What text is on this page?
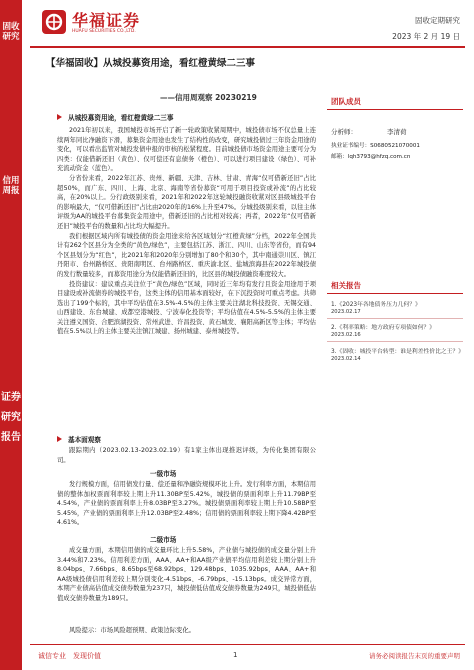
固收研究
信用周报
证券研究报告
华福证券
HUAFU SECURITIES CO.,LTD.
固收定期研究
2023 年 2 月 19 日
【华福固收】从城投募资用途，看红橙黄绿二三事
——信用周观察 20230219
从城投募资用途，看红橙黄绿二三事

2021年初以来，我国城投市场开启了新一轮政策收紧周期中，城投债市场不仅总量上连续两年同比净融资下滑，募集资金用途也发生了结构性的改变，研究城投债过三年资金用途的变化，可以看出监管对城投发债申报的审核的松紧程度。目前城投债市场资金用途主要可分为四类：仅能借新还旧（黄色）、仅可偿还有息债务（橙色）、可以进行项目建设（绿色）、可补充流动资金（蓝色）。

分省份来看，2022年江苏、贵州、新疆、天津、吉林、甘肃、青海“仅可借新还旧”占比超50%，而广东、四川、上海、北京、海南等省份募资“可用于项目投资或补流”的占比较高，在20%以上。分行政级别来看，2021年和2022年这轮城投融资收紧对区县级城投平台的影响最大，“仅可借新还旧”占比由2020年的16%上升至47%。分城投级别来看，以往主体评级为AA的城投平台募集资金用途中，借新还旧的占比相对较高；再者，2022年“仅可借新还旧”城投平台的数量和占比均大幅提升。

我们根据区域内所有城投债的资金用途来给各区域划分“红橙黄绿”分档，2022年全国共计有262个区县分为全类的“黄色/绿色”，主要包括江苏、浙江、四川、山东等省份，而有94个区县划分为“红色”，比2021年和2020年分别增加了80个和30个，其中南通崇川区、镇江丹阳市、台州路桥区、贵阳南明区、台州路桥区、重庆渝北区、盐城滨海县在2022年城投债的发行数量较多，而募资用途分为仅能借新还旧的，比区县的城投债融资难度较大。

投资建议：建议重点关注位于“黄色/绿色”区域，同时近三年均有发行且资金用途用于项目建设或补流债券的城投平台，这类主体的信用基本面较好，在下沉投资时可重点考虑。共筛选出了199个标的，其中平均估值在3.5%-4.5%的主体主要关注湖北科技投资、无锡交通、山西建设、东台城建、成都空港城投、宁波奉化投资等；平均估值在4.5%-5.5%的主体主要关注遵义国资、合肥滨湖投资、常州武进、许昌投资、黄石城发、襄阳高新区等主体；平均估值在5.5%以上的主体主要关注镇江城建、扬州城建、泰州城投等。

基本面观察

跟踪期内（2023.02.13-2023.02.19）有1家主体出现推迟评级，为传化集团有限公司。

一级市场

发行规模方面，信用债发行量、偿还量和净融资规模环比上升。发行利率方面，本期信用债的整体加权票面利率较上期上升11.30BP至5.42%，城投债的票面利率上升11.79BP至4.54%，产业债的票面利率上升8.03BP至3.27%。城投债票面利率较上期上升10.58BP至5.45%，产业债的票面利率上升12.03BP至2.48%；信用债的票面利率较上期下降4.42BP至4.61%。

二级市场

成交量方面，本期信用债的成交量环比上升5.58%，产业债与城投债的成交量分别上升3.44%和7.23%。信用利差方面，AAA、AA+和AA级产业债平均信用利差较上期分别上升8.04bps、7.66bps、8.65bps至68.92bps、129.48bps、1035.92bps，AAA、AA+和AA级城投债信用利差较上期分别变化-4.51bps、-6.79bps、-15.13bps。成交异常方面，本期产业债高估值成交债券数量为237只，城投债低估值成交债券数量为249只，城投债低估值成交债券数量为189只。

风险提示：市场风险超预期、政策边际变化。

团队成员
分析师：	李清荷
执业证书编号：S0680521070001
邮箱：lqh3793@hfzq.com.cn
相关报告
1.《2023年各地债务压力几何？》
2023.02.17
2.《利率策略：地方政府专项债如何？》
2023.02.16
3.《固收：城投平台转型：谁是利差性价比之王？》
2023.02.14
诚信专业　发现价值	1	请务必阅读报告末页的重要声明
